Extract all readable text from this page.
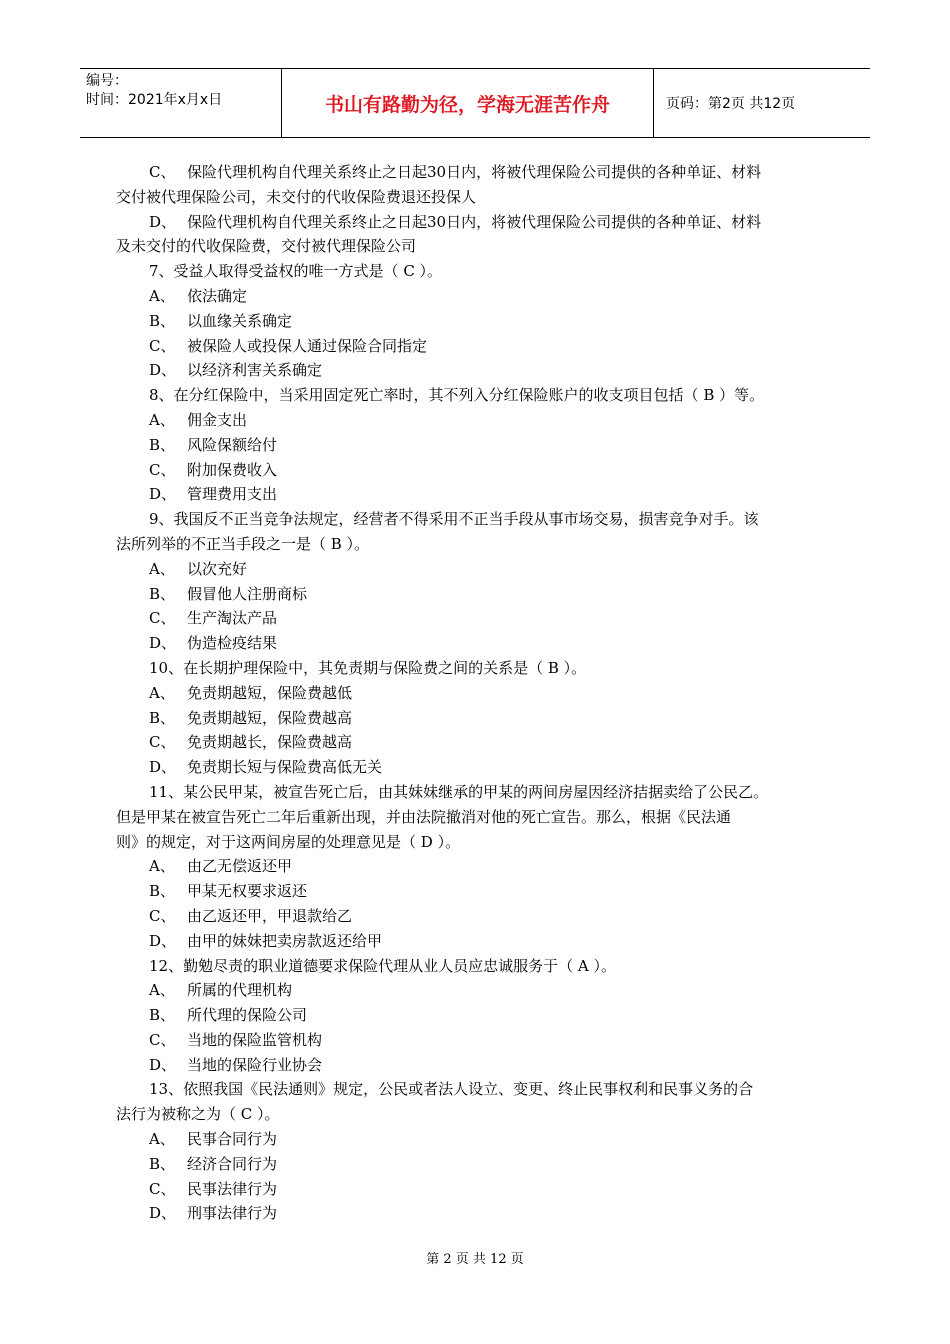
编号：
时间：2021年x月x日	书山有路勤为径，学海无涯苦作舟	页码：第2页 共12页
C、 保险代理机构自代理关系终止之日起30日内，将被代理保险公司提供的各种单证、材料
交付被代理保险公司，未交付的代收保险费退还投保人
D、 保险代理机构自代理关系终止之日起30日内，将被代理保险公司提供的各种单证、材料
及未交付的代收保险费，交付被代理保险公司
7、受益人取得受益权的唯一方式是（ C ）。
A、 依法确定
B、 以血缘关系确定
C、 被保险人或投保人通过保险合同指定
D、 以经济利害关系确定
8、在分红保险中，当采用固定死亡率时，其不列入分红保险账户的收支项目包括（ B ）等。
A、 佣金支出
B、 风险保额给付
C、 附加保费收入
D、 管理费用支出
9、我国反不正当竞争法规定，经营者不得采用不正当手段从事市场交易，损害竞争对手。该
法所列举的不正当手段之一是（ B ）。
A、 以次充好
B、 假冒他人注册商标
C、 生产淘汰产品
D、 伪造检疫结果
10、在长期护理保险中，其免责期与保险费之间的关系是（ B ）。
A、 免责期越短，保险费越低
B、 免责期越短，保险费越高
C、 免责期越长，保险费越高
D、 免责期长短与保险费高低无关
11、某公民甲某，被宣告死亡后，由其妹妹继承的甲某的两间房屋因经济拮据卖给了公民乙。
但是甲某在被宣告死亡二年后重新出现，并由法院撤消对他的死亡宣告。那么，根据《民法通
则》的规定，对于这两间房屋的处理意见是（ D ）。
A、 由乙无偿返还甲
B、 甲某无权要求返还
C、 由乙返还甲，甲退款给乙
D、 由甲的妹妹把卖房款返还给甲
12、勤勉尽责的职业道德要求保险代理从业人员应忠诚服务于（ A ）。
A、 所属的代理机构
B、 所代理的保险公司
C、 当地的保险监管机构
D、 当地的保险行业协会
13、依照我国《民法通则》规定，公民或者法人设立、变更、终止民事权利和民事义务的合
法行为被称之为（ C ）。
A、 民事合同行为
B、 经济合同行为
C、 民事法律行为
D、 刑事法律行为
第 2 页 共 12 页
